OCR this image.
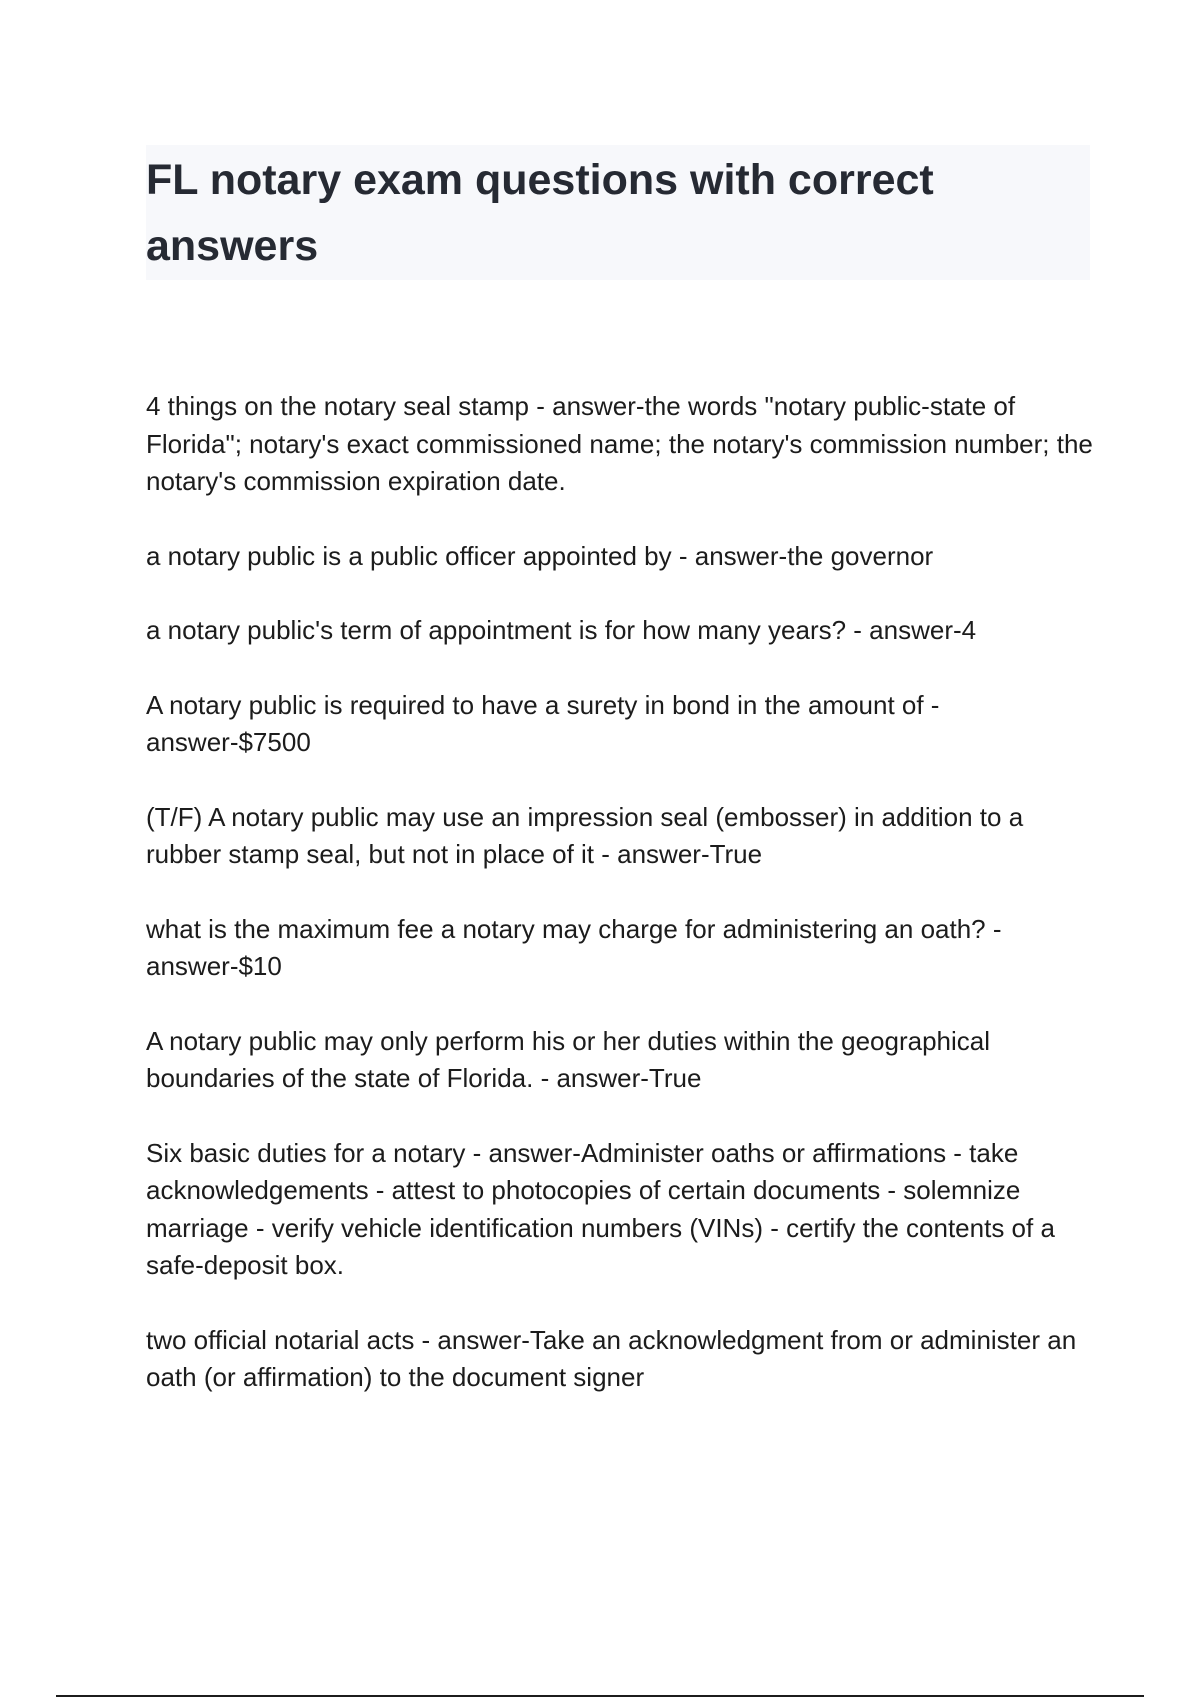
FL notary exam questions with correct answers
4 things on the notary seal stamp - answer-the words "notary public-state of Florida"; notary's exact commissioned name; the notary's commission number; the notary's commission expiration date.
a notary public is a public officer appointed by - answer-the governor
a notary public's term of appointment is for how many years? - answer-4
A notary public is required to have a surety in bond in the amount of - answer-$7500
(T/F) A notary public may use an impression seal (embosser) in addition to a rubber stamp seal, but not in place of it - answer-True
what is the maximum fee a notary may charge for administering an oath? - answer-$10
A notary public may only perform his or her duties within the geographical boundaries of the state of Florida. - answer-True
Six basic duties for a notary - answer-Administer oaths or affirmations - take acknowledgements - attest to photocopies of certain documents - solemnize marriage - verify vehicle identification numbers (VINs) - certify the contents of a safe-deposit box.
two official notarial acts - answer-Take an acknowledgment from or administer an oath (or affirmation) to the document signer
